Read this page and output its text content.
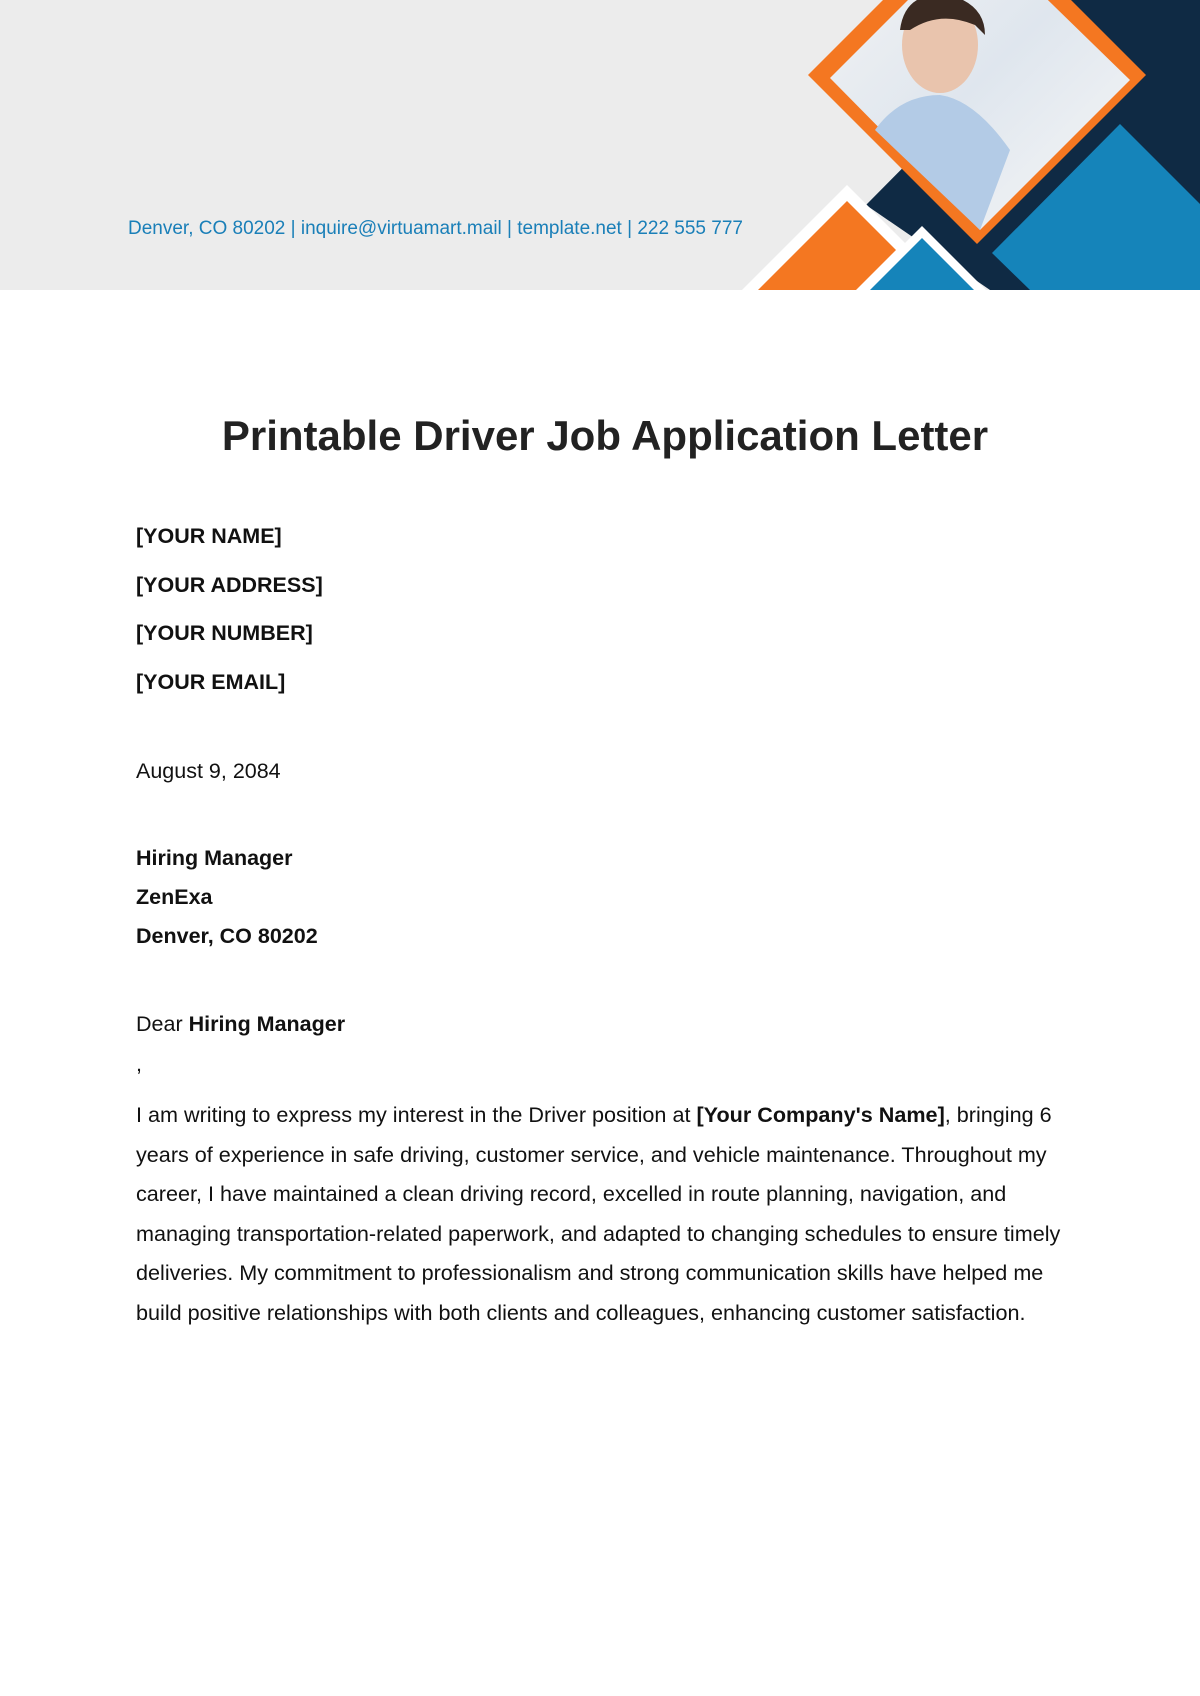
Denver, CO 80202 | inquire@virtuamart.mail | template.net | 222 555 777
Printable Driver Job Application Letter
[YOUR NAME]
[YOUR ADDRESS]
[YOUR NUMBER]
[YOUR EMAIL]
August 9, 2084
Hiring Manager
ZenExa
Denver, CO 80202
Dear Hiring Manager
,

I am writing to express my interest in the Driver position at [Your Company's Name], bringing 6 years of experience in safe driving, customer service, and vehicle maintenance. Throughout my career, I have maintained a clean driving record, excelled in route planning, navigation, and managing transportation-related paperwork, and adapted to changing schedules to ensure timely deliveries. My commitment to professionalism and strong communication skills have helped me build positive relationships with both clients and colleagues, enhancing customer satisfaction.
